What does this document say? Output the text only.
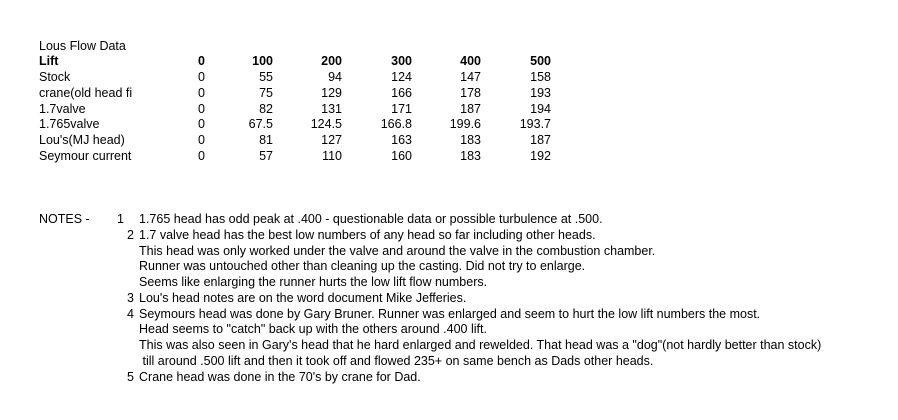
Lous Flow Data
Lift	0	100	200	300	400	500
Stock	0	55	94	124	147	158
crane(old head fi	0	75	129	166	178	193
1.7valve	0	82	131	171	187	194
1.765valve	0	67.5	124.5	166.8	199.6	193.7
Lou's(MJ head)	0	81	127	163	183	187
Seymour current	0	57	110	160	183	192
NOTES -	1 1.765 head has odd peak at .400 - questionable data or possible turbulence at .500.
2 1.7 valve head has the best low numbers of any head so far including other heads.
This head was only worked under the valve and around the valve in the combustion chamber.
Runner was untouched other than cleaning up the casting. Did not try to enlarge.
Seems like enlarging the runner hurts the low lift flow numbers.
3 Lou's head notes are on the word document Mike Jefferies.
4 Seymours head was done by Gary Bruner. Runner was enlarged and seem to hurt the low lift numbers the most.
Head seems to "catch" back up with the others around .400 lift.
This was also seen in Gary's head that he hard enlarged and rewelded. That head was a "dog"(not hardly better than stock)
till around .500 lift and then it took off and flowed 235+ on same bench as Dads other heads.
5 Crane head was done in the 70's by crane for Dad.
